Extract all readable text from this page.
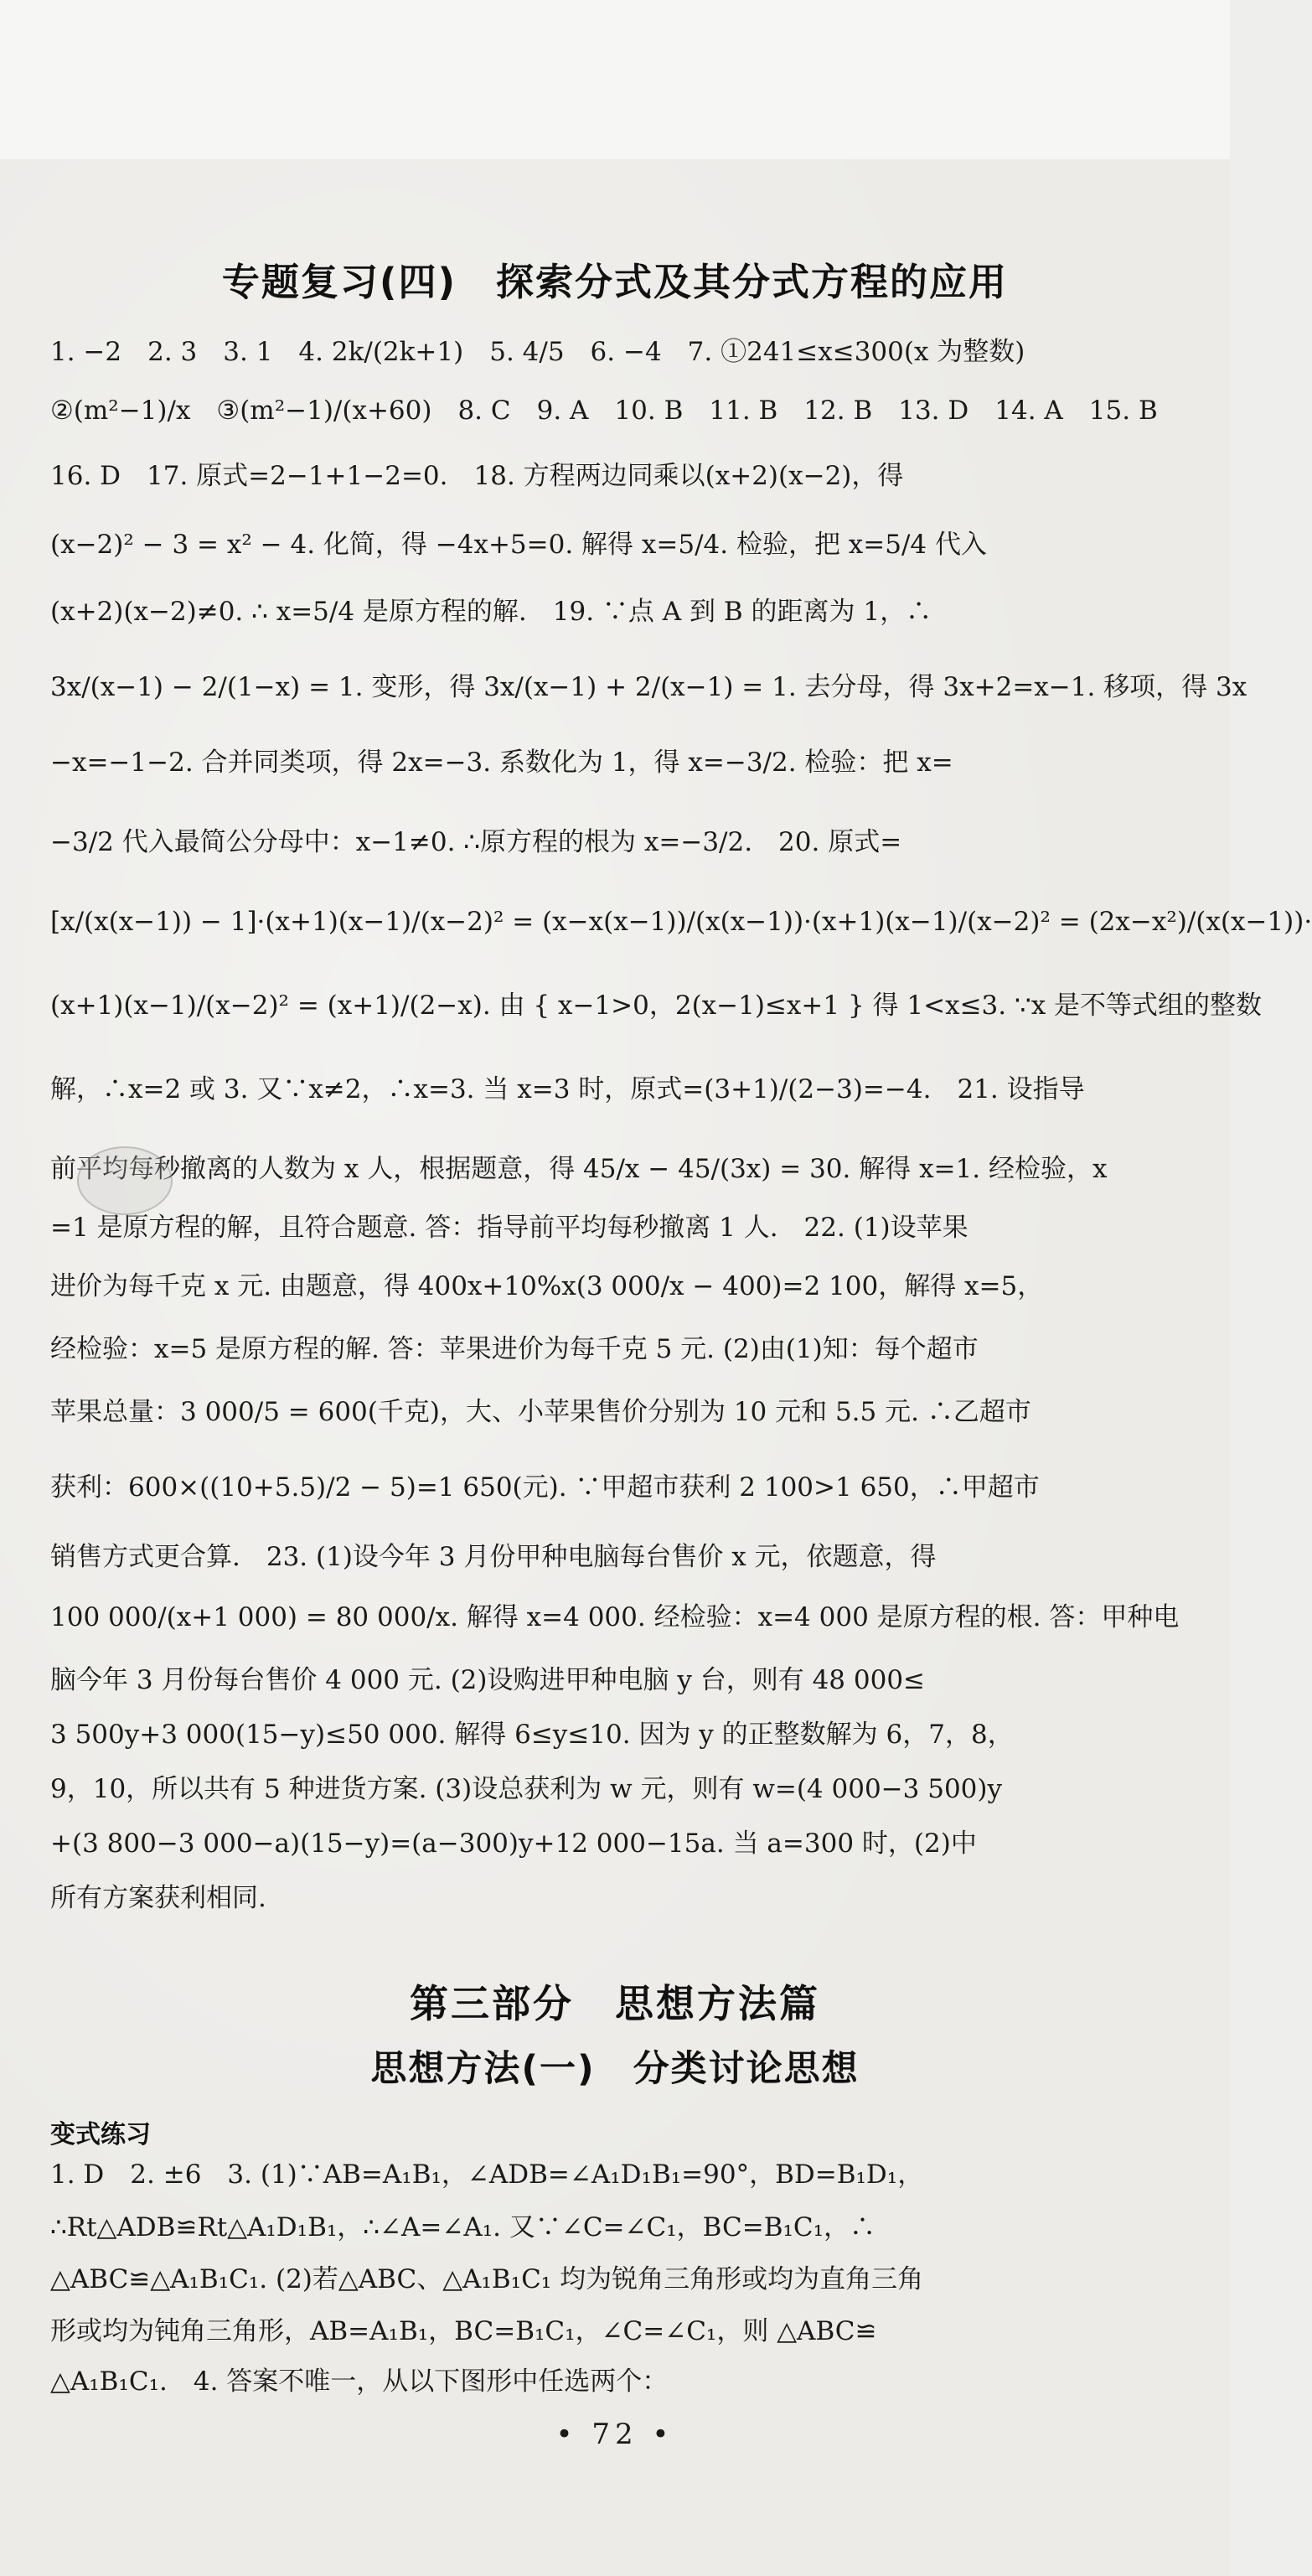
专题复习(四)　探索分式及其分式方程的应用
1. −2　2. 3　3. 1　4. 2k/(2k+1)　5. 4/5　6. −4　7. ①241≤x≤300(x 为整数)
②(m²−1)/x　③(m²−1)/(x+60)　8. C　9. A　10. B　11. B　12. B　13. D　14. A　15. B
16. D　17. 原式=2−1+1−2=0.　18. 方程两边同乘以(x+2)(x−2)，得
(x−2)² − 3 = x² − 4. 化简，得 −4x+5=0. 解得 x=5/4. 检验，把 x=5/4 代入
(x+2)(x−2)≠0. ∴ x=5/4 是原方程的解.　19. ∵点 A 到 B 的距离为 1，∴
3x/(x−1) − 2/(1−x) = 1. 变形，得 3x/(x−1) + 2/(x−1) = 1. 去分母，得 3x+2=x−1. 移项，得 3x
−x=−1−2. 合并同类项，得 2x=−3. 系数化为 1，得 x=−3/2. 检验：把 x=
−3/2 代入最简公分母中：x−1≠0. ∴原方程的根为 x=−3/2.　20. 原式=
[x/(x(x−1)) − 1]·(x+1)(x−1)/(x−2)² = (x−x(x−1))/(x(x−1))·(x+1)(x−1)/(x−2)² = (2x−x²)/(x(x−1))·
(x+1)(x−1)/(x−2)² = (x+1)/(2−x). 由 { x−1>0，2(x−1)≤x+1 } 得 1<x≤3. ∵x 是不等式组的整数
解，∴x=2 或 3. 又∵x≠2，∴x=3. 当 x=3 时，原式=(3+1)/(2−3)=−4.　21. 设指导
前平均每秒撤离的人数为 x 人，根据题意，得 45/x − 45/(3x) = 30. 解得 x=1. 经检验，x
=1 是原方程的解，且符合题意. 答：指导前平均每秒撤离 1 人.　22. (1)设苹果
进价为每千克 x 元. 由题意，得 400x+10%x(3 000/x − 400)=2 100，解得 x=5，
经检验：x=5 是原方程的解. 答：苹果进价为每千克 5 元. (2)由(1)知：每个超市
苹果总量：3 000/5 = 600(千克)，大、小苹果售价分别为 10 元和 5.5 元. ∴乙超市
获利：600×((10+5.5)/2 − 5)=1 650(元). ∵甲超市获利 2 100>1 650，∴甲超市
销售方式更合算.　23. (1)设今年 3 月份甲种电脑每台售价 x 元，依题意，得
100 000/(x+1 000) = 80 000/x. 解得 x=4 000. 经检验：x=4 000 是原方程的根. 答：甲种电
脑今年 3 月份每台售价 4 000 元. (2)设购进甲种电脑 y 台，则有 48 000≤
3 500y+3 000(15−y)≤50 000. 解得 6≤y≤10. 因为 y 的正整数解为 6，7，8，
9，10，所以共有 5 种进货方案. (3)设总获利为 w 元，则有 w=(4 000−3 500)y
+(3 800−3 000−a)(15−y)=(a−300)y+12 000−15a. 当 a=300 时，(2)中
所有方案获利相同.
第三部分　思想方法篇
思想方法(一)　分类讨论思想
变式练习
1. D　2. ±6　3. (1)∵AB=A₁B₁，∠ADB=∠A₁D₁B₁=90°，BD=B₁D₁，
∴Rt△ADB≌Rt△A₁D₁B₁，∴∠A=∠A₁. 又∵∠C=∠C₁，BC=B₁C₁，∴
△ABC≌△A₁B₁C₁. (2)若△ABC、△A₁B₁C₁ 均为锐角三角形或均为直角三角
形或均为钝角三角形，AB=A₁B₁，BC=B₁C₁，∠C=∠C₁，则 △ABC≌
△A₁B₁C₁.　4. 答案不唯一，从以下图形中任选两个：
• 72 •
